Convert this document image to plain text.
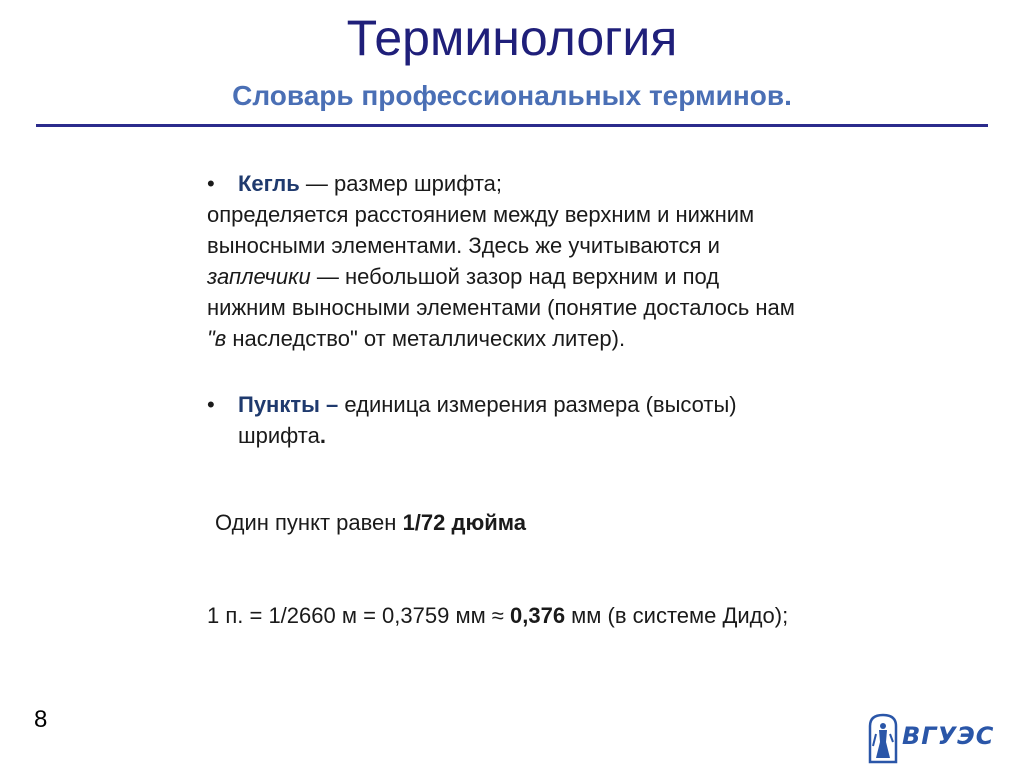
Терминология
Словарь профессиональных терминов.
• Кегль — размер шрифта;
определяется расстоянием между верхним и нижним
выносными элементами. Здесь же учитываются и
заплечики — небольшой зазор над верхним и под
нижним выносными элементами (понятие досталось нам
"в наследство" от металлических литер).
• Пункты – единица измерения размера (высоты)
шрифта.
Один пункт равен 1/72 дюйма
1 п. = 1/2660 м = 0,3759 мм ≈ 0,376 мм (в системе Дидо);
8
ВГУЭС
